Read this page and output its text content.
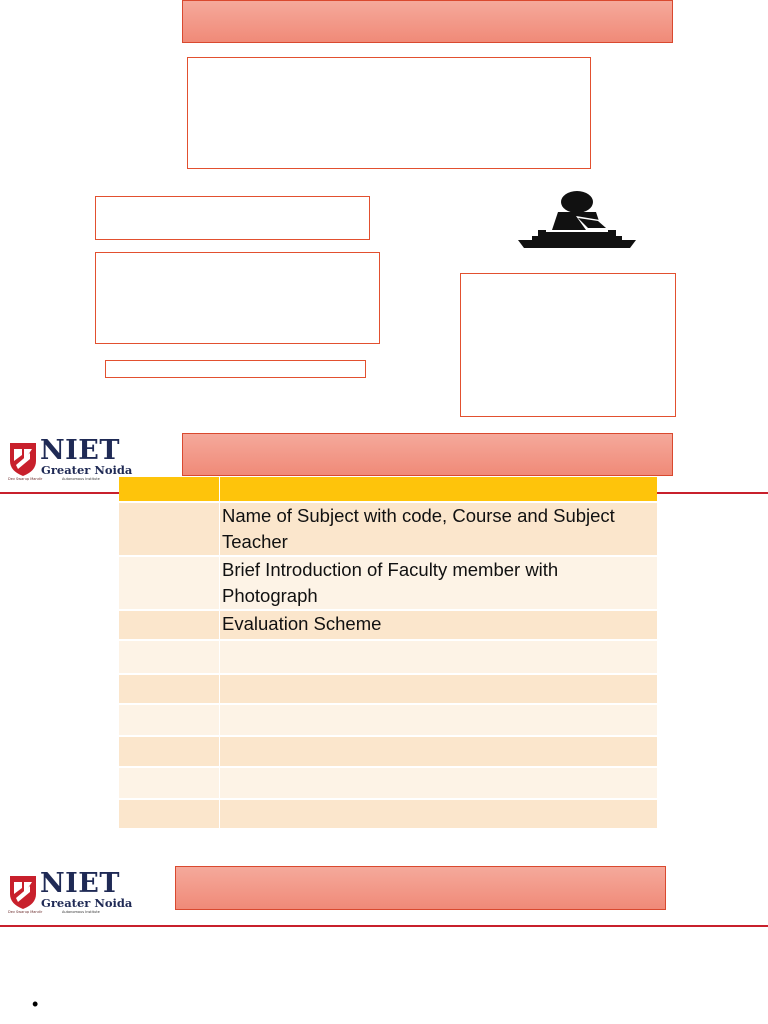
NIET
Greater Noida
Dev Swarup Mandir	Autonomous Institute

	Name of Subject with code, Course and Subject Teacher
	Brief Introduction of Faculty member with Photograph
	Evaluation Scheme

NIET
Greater Noida
Dev Swarup Mandir	Autonomous Institute
•
